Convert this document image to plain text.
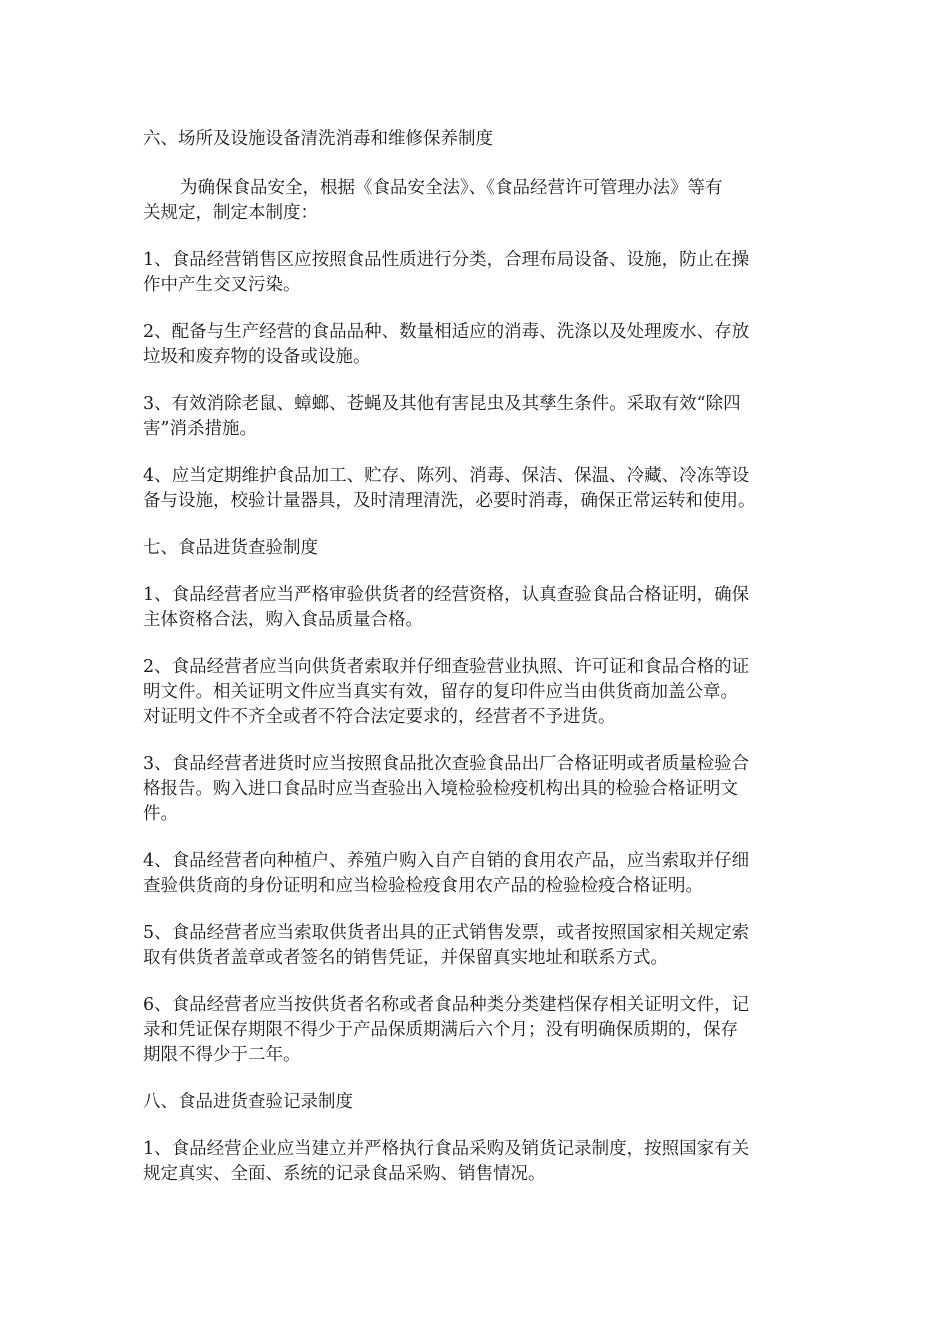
六、场所及设施设备清洗消毒和维修保养制度
为确保食品安全，根据《食品安全法》、《食品经营许可管理办法》等有
关规定，制定本制度：
1、食品经营销售区应按照食品性质进行分类，合理布局设备、设施，防止在操
作中产生交叉污染。
2、配备与生产经营的食品品种、数量相适应的消毒、洗涤以及处理废水、存放
垃圾和废弃物的设备或设施。
3、有效消除老鼠、蟑螂、苍蝇及其他有害昆虫及其孳生条件。采取有效“除四
害”消杀措施。
4、应当定期维护食品加工、贮存、陈列、消毒、保洁、保温、冷藏、冷冻等设
备与设施，校验计量器具，及时清理清洗，必要时消毒，确保正常运转和使用。
七、食品进货查验制度
1、食品经营者应当严格审验供货者的经营资格，认真查验食品合格证明，确保
主体资格合法，购入食品质量合格。
2、食品经营者应当向供货者索取并仔细查验营业执照、许可证和食品合格的证
明文件。相关证明文件应当真实有效，留存的复印件应当由供货商加盖公章。
对证明文件不齐全或者不符合法定要求的，经营者不予进货。
3、食品经营者进货时应当按照食品批次查验食品出厂合格证明或者质量检验合
格报告。购入进口食品时应当查验出入境检验检疫机构出具的检验合格证明文
件。
4、食品经营者向种植户、养殖户购入自产自销的食用农产品，应当索取并仔细
查验供货商的身份证明和应当检验检疫食用农产品的检验检疫合格证明。
5、食品经营者应当索取供货者出具的正式销售发票，或者按照国家相关规定索
取有供货者盖章或者签名的销售凭证，并保留真实地址和联系方式。
6、食品经营者应当按供货者名称或者食品种类分类建档保存相关证明文件，记
录和凭证保存期限不得少于产品保质期满后六个月；没有明确保质期的，保存
期限不得少于二年。
八、食品进货查验记录制度
1、食品经营企业应当建立并严格执行食品采购及销货记录制度，按照国家有关
规定真实、全面、系统的记录食品采购、销售情况。
